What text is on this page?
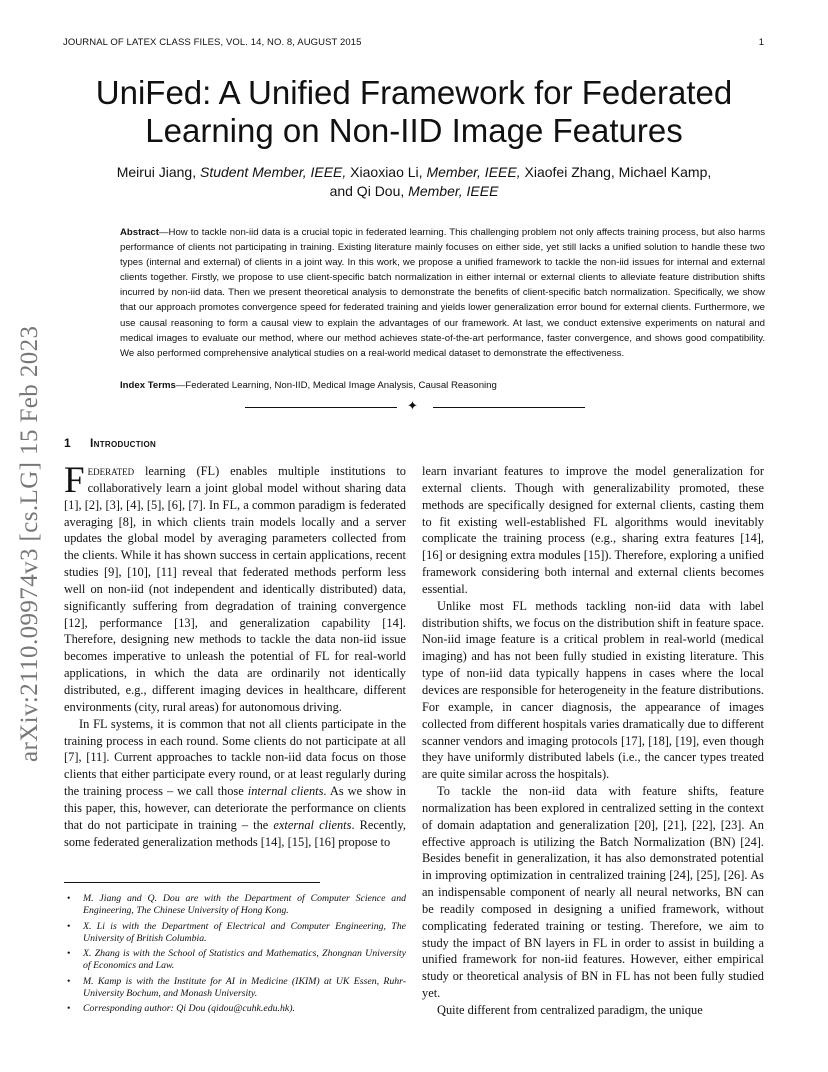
JOURNAL OF LATEX CLASS FILES, VOL. 14, NO. 8, AUGUST 2015	1
UniFed: A Unified Framework for Federated Learning on Non-IID Image Features
Meirui Jiang, Student Member, IEEE, Xiaoxiao Li, Member, IEEE, Xiaofei Zhang, Michael Kamp,
and Qi Dou, Member, IEEE

Abstract—How to tackle non-iid data is a crucial topic in federated learning. This challenging problem not only affects training process, but also harms performance of clients not participating in training. Existing literature mainly focuses on either side, yet still lacks a unified solution to handle these two types (internal and external) of clients in a joint way. In this work, we propose a unified framework to tackle the non-iid issues for internal and external clients together. Firstly, we propose to use client-specific batch normalization in either internal or external clients to alleviate feature distribution shifts incurred by non-iid data. Then we present theoretical analysis to demonstrate the benefits of client-specific batch normalization. Specifically, we show that our approach promotes convergence speed for federated training and yields lower generalization error bound for external clients. Furthermore, we use causal reasoning to form a causal view to explain the advantages of our framework. At last, we conduct extensive experiments on natural and medical images to evaluate our method, where our method achieves state-of-the-art performance, faster convergence, and shows good compatibility. We also performed comprehensive analytical studies on a real-world medical dataset to demonstrate the effectiveness.

Index Terms—Federated Learning, Non-IID, Medical Image Analysis, Causal Reasoning
✦
arXiv:2110.09974v3 [cs.LG] 15 Feb 2023 1 Introduction

Federated learning (FL) enables multiple institutions to collaboratively learn a joint global model without sharing data [1], [2], [3], [4], [5], [6], [7]. In FL, a common paradigm is federated averaging [8], in which clients train models locally and a server updates the global model by averaging parameters collected from the clients. While it has shown success in certain applications, recent studies [9], [10], [11] reveal that federated methods perform less well on non-iid (not independent and identically distributed) data, significantly suffering from degradation of training convergence [12], performance [13], and generalization capability [14]. Therefore, designing new methods to tackle the data non-iid issue becomes imperative to unleash the potential of FL for real-world applications, in which the data are ordinarily not identically distributed, e.g., different imaging devices in healthcare, different environments (city, rural areas) for autonomous driving.

In FL systems, it is common that not all clients participate in the training process in each round. Some clients do not participate at all [7], [11]. Current approaches to tackle non-iid data focus on those clients that either participate every round, or at least regularly during the training process – we call those internal clients. As we show in this paper, this, however, can deteriorate the performance on clients that do not participate in training – the external clients. Recently, some federated generalization methods [14], [15], [16] propose to

• M. Jiang and Q. Dou are with the Department of Computer Science and Engineering, The Chinese University of Hong Kong.
• X. Li is with the Department of Electrical and Computer Engineering, The University of British Columbia.
• X. Zhang is with the School of Statistics and Mathematics, Zhongnan University of Economics and Law.
• M. Kamp is with the Institute for AI in Medicine (IKIM) at UK Essen, Ruhr-University Bochum, and Monash University.
• Corresponding author: Qi Dou (qidou@cuhk.edu.hk).

learn invariant features to improve the model generalization for external clients. Though with generalizability promoted, these methods are specifically designed for external clients, casting them to fit existing well-established FL algorithms would inevitably complicate the training process (e.g., sharing extra features [14], [16] or designing extra modules [15]). Therefore, exploring a unified framework considering both internal and external clients becomes essential.

Unlike most FL methods tackling non-iid data with label distribution shifts, we focus on the distribution shift in feature space. Non-iid image feature is a critical problem in real-world (medical imaging) and has not been fully studied in existing literature. This type of non-iid data typically happens in cases where the local devices are responsible for heterogeneity in the feature distributions. For example, in cancer diagnosis, the appearance of images collected from different hospitals varies dramatically due to different scanner vendors and imaging protocols [17], [18], [19], even though they have uniformly distributed labels (i.e., the cancer types treated are quite similar across the hospitals).

To tackle the non-iid data with feature shifts, feature normalization has been explored in centralized setting in the context of domain adaptation and generalization [20], [21], [22], [23]. An effective approach is utilizing the Batch Normalization (BN) [24]. Besides benefit in generalization, it has also demonstrated potential in improving optimization in centralized training [24], [25], [26]. As an indispensable component of nearly all neural networks, BN can be readily composed in designing a unified framework, without complicating federated training or testing. Therefore, we aim to study the impact of BN layers in FL in order to assist in building a unified framework for non-iid features. However, either empirical study or theoretical analysis of BN in FL has not been fully studied yet.

Quite different from centralized paradigm, the unique
